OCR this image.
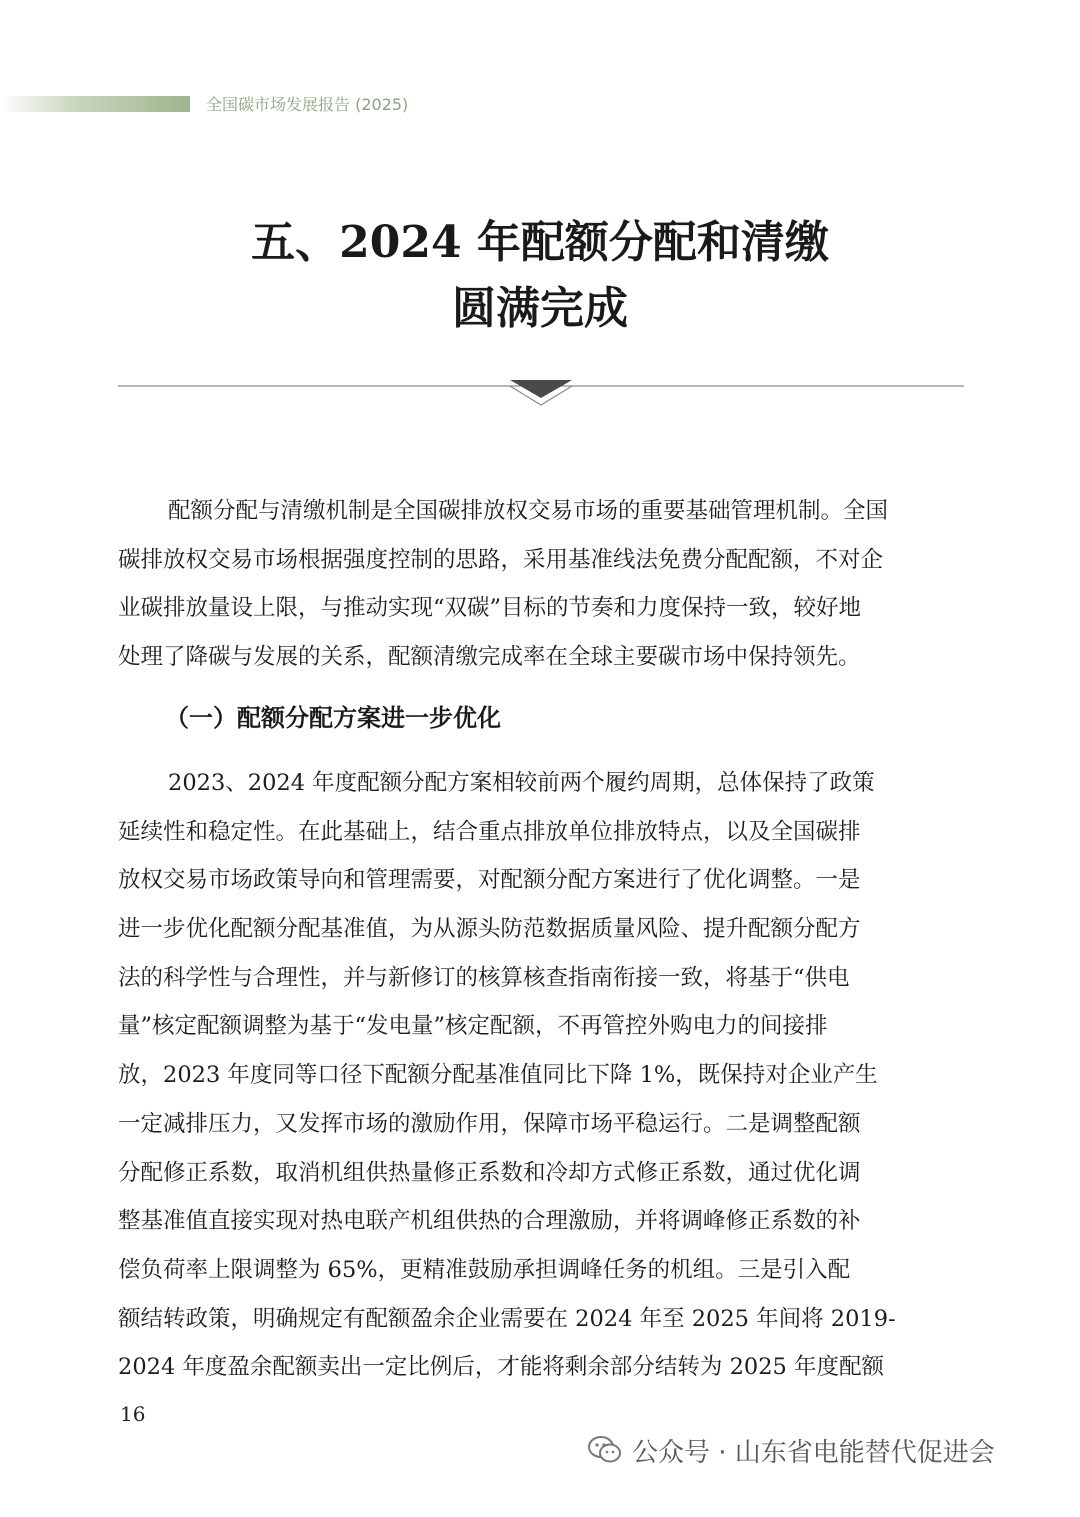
全国碳市场发展报告 (2025)
五、2024 年配额分配和清缴
圆满完成
配额分配与清缴机制是全国碳排放权交易市场的重要基础管理机制。全国
碳排放权交易市场根据强度控制的思路，采用基准线法免费分配配额，不对企
业碳排放量设上限，与推动实现“双碳”目标的节奏和力度保持一致，较好地
处理了降碳与发展的关系，配额清缴完成率在全球主要碳市场中保持领先。
（一）配额分配方案进一步优化
2023、2024 年度配额分配方案相较前两个履约周期，总体保持了政策
延续性和稳定性。在此基础上，结合重点排放单位排放特点，以及全国碳排
放权交易市场政策导向和管理需要，对配额分配方案进行了优化调整。一是
进一步优化配额分配基准值，为从源头防范数据质量风险、提升配额分配方
法的科学性与合理性，并与新修订的核算核查指南衔接一致，将基于“供电
量”核定配额调整为基于“发电量”核定配额，不再管控外购电力的间接排
放，2023 年度同等口径下配额分配基准值同比下降 1%，既保持对企业产生
一定减排压力，又发挥市场的激励作用，保障市场平稳运行。二是调整配额
分配修正系数，取消机组供热量修正系数和冷却方式修正系数，通过优化调
整基准值直接实现对热电联产机组供热的合理激励，并将调峰修正系数的补
偿负荷率上限调整为 65%，更精准鼓励承担调峰任务的机组。三是引入配
额结转政策，明确规定有配额盈余企业需要在 2024 年至 2025 年间将 2019-
2024 年度盈余配额卖出一定比例后，才能将剩余部分结转为 2025 年度配额
16
公众号 · 山东省电能替代促进会
